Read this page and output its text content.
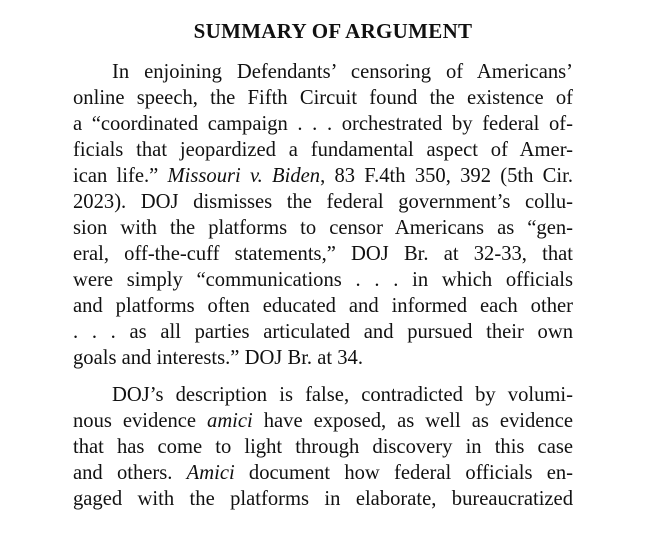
SUMMARY OF ARGUMENT
In enjoining Defendants’ censoring of Americans’
online speech, the Fifth Circuit found the existence of
a “coordinated campaign . . . orchestrated by federal of-
ficials that jeopardized a fundamental aspect of Amer-
ican life.” Missouri v. Biden, 83 F.4th 350, 392 (5th Cir.
2023). DOJ dismisses the federal government’s collu-
sion with the platforms to censor Americans as “gen-
eral, off-the-cuff statements,” DOJ Br. at 32-33, that
were simply “communications . . . in which officials
and platforms often educated and informed each other
. . . as all parties articulated and pursued their own
goals and interests.” DOJ Br. at 34.
DOJ’s description is false, contradicted by volumi-
nous evidence amici have exposed, as well as evidence
that has come to light through discovery in this case
and others. Amici document how federal officials en-
gaged with the platforms in elaborate, bureaucratized
